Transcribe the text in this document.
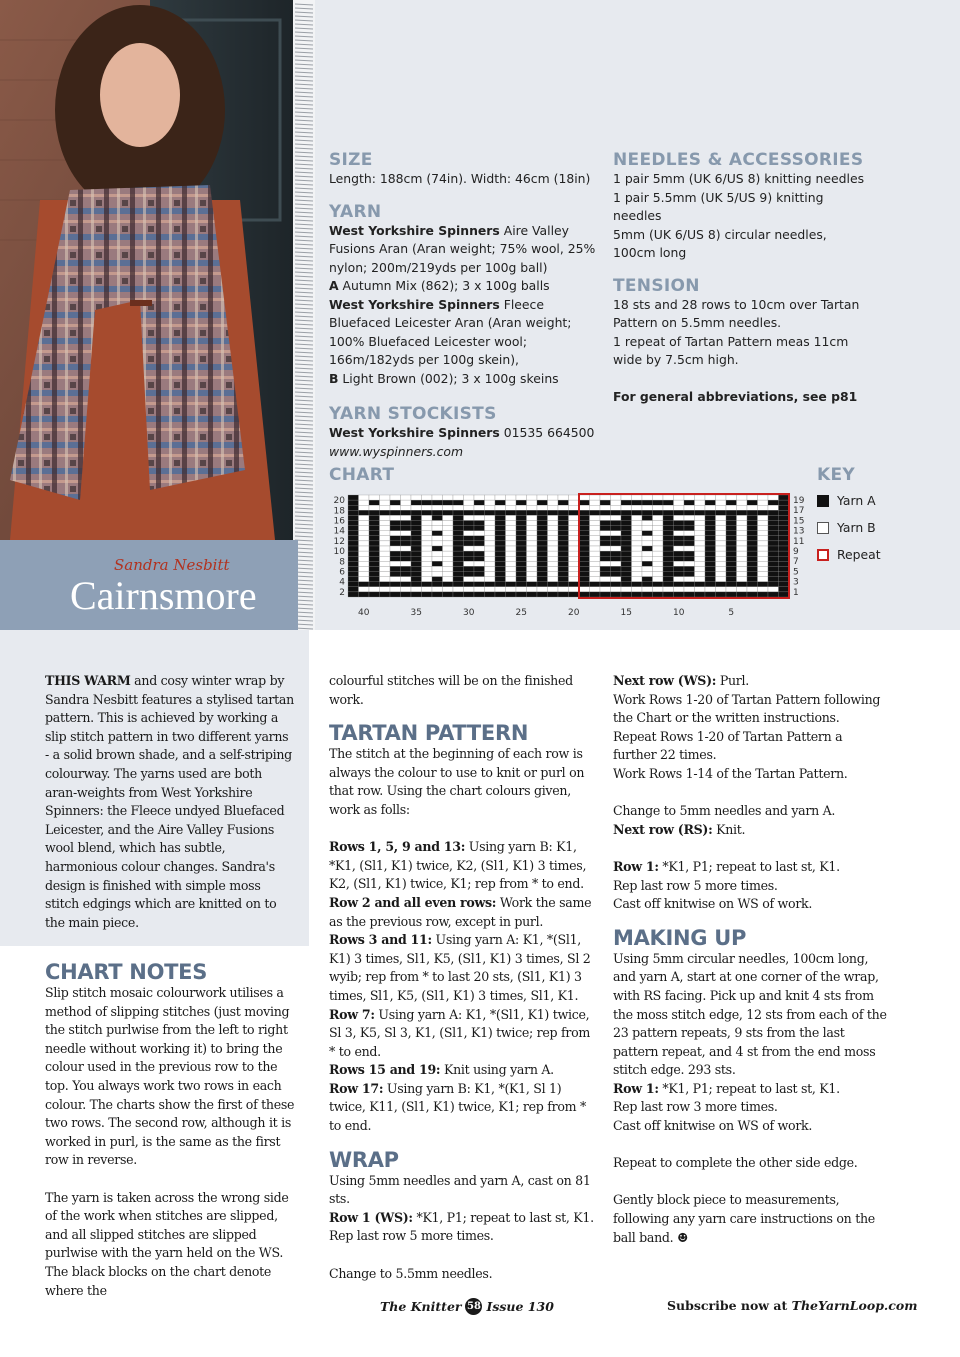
Sandra Nesbitt
Cairnsmore
SIZE

Length: 188cm (74in). Width: 46cm (18in)

YARN

West Yorkshire Spinners Aire Valley Fusions Aran (Aran weight; 75% wool, 25% nylon; 200m/219yds per 100g ball)
A Autumn Mix (862); 3 x 100g balls
West Yorkshire Spinners Fleece Bluefaced Leicester Aran (Aran weight; 100% Bluefaced Leicester wool; 166m/182yds per 100g skein),
B Light Brown (002); 3 x 100g skeins

YARN STOCKISTS

West Yorkshire Spinners 01535 664500
www.wyspinners.com

NEEDLES & ACCESSORIES

1 pair 5mm (UK 6/US 8) knitting needles
1 pair 5.5mm (UK 5/US 9) knitting needles
5mm (UK 6/US 8) circular needles, 100cm long

TENSION

18 sts and 28 rows to 10cm over Tartan Pattern on 5.5mm needles.

1 repeat of Tartan Pattern meas 11cm wide by 7.5cm high.

For general abbreviations, see p81

CHART
20
18
16
14
12
10
8
6
4
2
19
17
15
13
11
9
7
5
3
1
40	35	30	25	20	15	10	5
KEY
Yarn A
Yarn B
Repeat

THIS WARM and cosy winter wrap by Sandra Nesbitt features a stylised tartan pattern. This is achieved by working a slip stitch pattern in two different yarns - a solid brown shade, and a self-striping colourway. The yarns used are both aran-weights from West Yorkshire Spinners: the Fleece undyed Bluefaced Leicester, and the Aire Valley Fusions wool blend, which has subtle, harmonious colour changes. Sandra's design is finished with simple moss stitch edgings which are knitted on to the main piece.

CHART NOTES

Slip stitch mosaic colourwork utilises a method of slipping stitches (just moving the stitch purlwise from the left to right needle without working it) to bring the colour used in the previous row to the top. You always work two rows in each colour. The charts show the first of these two rows. The second row, although it is worked in purl, is the same as the first row in reverse.

The yarn is taken across the wrong side of the work when stitches are slipped, and all slipped stitches are slipped purlwise with the yarn held on the WS. The black blocks on the chart denote where the

colourful stitches will be on the finished work.

TARTAN PATTERN

The stitch at the beginning of each row is always the colour to use to knit or purl on that row. Using the chart colours given, work as folls:

Rows 1, 5, 9 and 13: Using yarn B: K1, *K1, (Sl1, K1) twice, K2, (Sl1, K1) 3 times, K2, (Sl1, K1) twice, K1; rep from * to end.
Row 2 and all even rows: Work the same as the previous row, except in purl.
Rows 3 and 11: Using yarn A: K1, *(Sl1, K1) 3 times, Sl1, K5, (Sl1, K1) 3 times, Sl 2 wyib; rep from * to last 20 sts, (Sl1, K1) 3 times, Sl1, K5, (Sl1, K1) 3 times, Sl1, K1.
Row 7: Using yarn A: K1, *(Sl1, K1) twice, Sl 3, K5, Sl 3, K1, (Sl1, K1) twice; rep from * to end.
Rows 15 and 19: Knit using yarn A.
Row 17: Using yarn B: K1, *(K1, Sl 1) twice, K11, (Sl1, K1) twice, K1; rep from * to end.

WRAP

Using 5mm needles and yarn A, cast on 81 sts.

Row 1 (WS): *K1, P1; repeat to last st, K1.

Rep last row 5 more times.

Change to 5.5mm needles.

Next row (WS): Purl.

Work Rows 1-20 of Tartan Pattern following the Chart or the written instructions.

Repeat Rows 1-20 of Tartan Pattern a further 22 times.

Work Rows 1-14 of the Tartan Pattern.

Change to 5mm needles and yarn A.

Next row (RS): Knit.

Row 1: *K1, P1; repeat to last st, K1.

Rep last row 5 more times.

Cast off knitwise on WS of work.

MAKING UP

Using 5mm circular needles, 100cm long, and yarn A, start at one corner of the wrap, with RS facing. Pick up and knit 4 sts from the moss stitch edge, 12 sts from each of the 23 pattern repeats, 9 sts from the last pattern repeat, and 4 st from the end moss stitch edge. 293 sts.

Row 1: *K1, P1; repeat to last st, K1.

Rep last row 3 more times.

Cast off knitwise on WS of work.

Repeat to complete the other side edge.

Gently block piece to measurements, following any yarn care instructions on the ball band. ☻

The Knitter 58 Issue 130	Subscribe now at TheYarnLoop.com
